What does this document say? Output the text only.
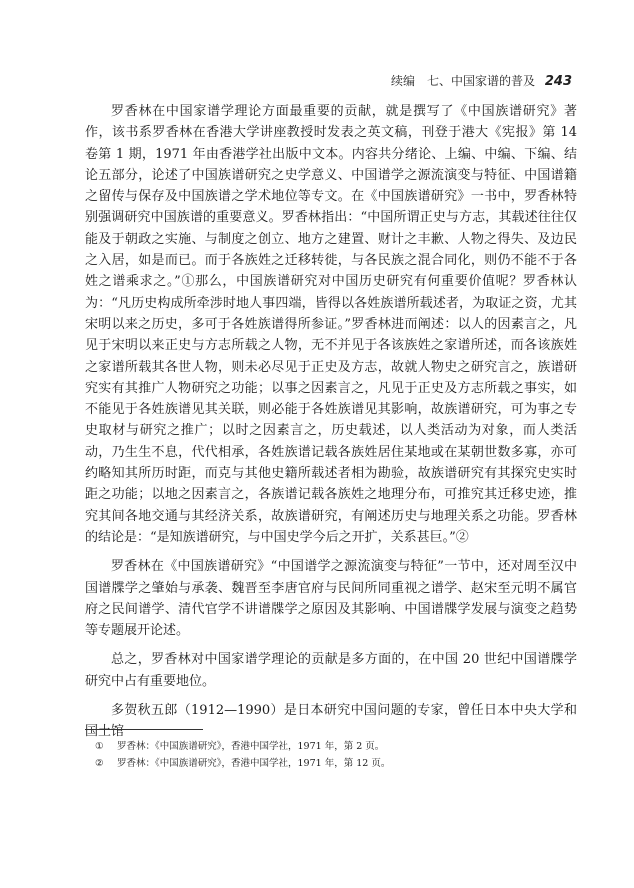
续编　七、中国家谱的普及 243

罗香林在中国家谱学理论方面最重要的贡献，就是撰写了《中国族谱研究》著作，该书系罗香林在香港大学讲座教授时发表之英文稿，刊登于港大《宪报》第 14 卷第 1 期，1971 年由香港学社出版中文本。内容共分绪论、上编、中编、下编、结论五部分，论述了中国族谱研究之史学意义、中国谱学之源流演变与特征、中国谱籍之留传与保存及中国族谱之学术地位等专文。在《中国族谱研究》一书中，罗香林特别强调研究中国族谱的重要意义。罗香林指出：“中国所谓正史与方志，其载述往往仅能及于朝政之实施、与制度之创立、地方之建置、财计之丰歉、人物之得失、及边民之入居，如是而已。而于各族姓之迁移转徙，与各民族之混合同化，则仍不能不于各姓之谱乘求之。”①那么，中国族谱研究对中国历史研究有何重要价值呢？罗香林认为：“凡历史构成所牵涉时地人事四端，皆得以各姓族谱所载述者，为取证之资，尤其宋明以来之历史，多可于各姓族谱得所参证。”罗香林进而阐述：以人的因素言之，凡见于宋明以来正史与方志所载之人物，无不并见于各该族姓之家谱所述，而各该族姓之家谱所载其各世人物，则未必尽见于正史及方志，故就人物史之研究言之，族谱研究实有其推广人物研究之功能；以事之因素言之，凡见于正史及方志所载之事实，如不能见于各姓族谱见其关联，则必能于各姓族谱见其影响，故族谱研究，可为事之专史取材与研究之推广；以时之因素言之，历史载述，以人类活动为对象，而人类活动，乃生生不息，代代相承，各姓族谱记载各族姓居住某地或在某朝世数多寡，亦可约略知其所历时距，而克与其他史籍所载述者相为勘验，故族谱研究有其探究史实时距之功能；以地之因素言之，各族谱记载各族姓之地理分布，可推究其迁移史迹，推究其间各地交通与其经济关系，故族谱研究，有阐述历史与地理关系之功能。罗香林的结论是：“是知族谱研究，与中国史学今后之开扩，关系甚巨。”②

罗香林在《中国族谱研究》“中国谱学之源流演变与特征”一节中，还对周至汉中国谱牒学之肇始与承袭、魏晋至李唐官府与民间所同重视之谱学、赵宋至元明不属官府之民间谱学、清代官学不讲谱牒学之原因及其影响、中国谱牒学发展与演变之趋势等专题展开论述。

总之，罗香林对中国家谱学理论的贡献是多方面的，在中国 20 世纪中国谱牒学研究中占有重要地位。

多贺秋五郎（1912—1990）是日本研究中国问题的专家，曾任日本中央大学和国土馆

① 罗香林：《中国族谱研究》，香港中国学社，1971 年，第 2 页。
② 罗香林：《中国族谱研究》，香港中国学社，1971 年，第 12 页。
